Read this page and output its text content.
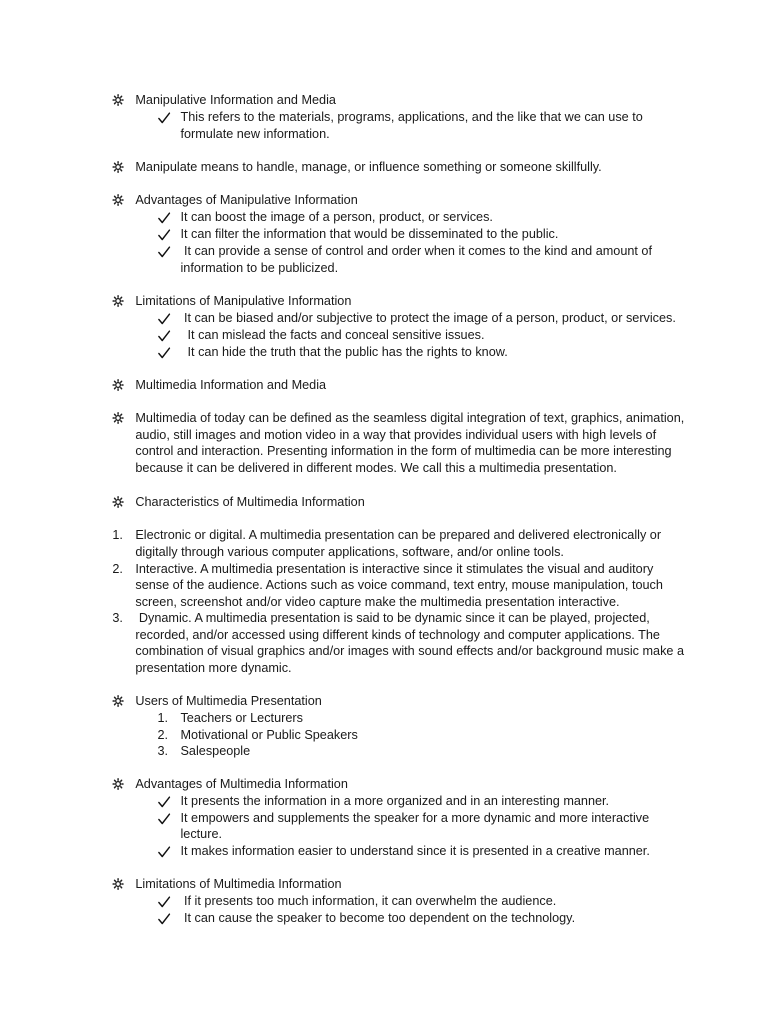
Manipulative Information and Media
This refers to the materials, programs, applications, and the like that we can use to
formulate new information.
Manipulate means to handle, manage, or influence something or someone skillfully.
Advantages of Manipulative Information
It can boost the image of a person, product, or services.
It can filter the information that would be disseminated to the public.
It can provide a sense of control and order when it comes to the kind and amount of
information to be publicized.
Limitations of Manipulative Information
It can be biased and/or subjective to protect the image of a person, product, or services.
It can mislead the facts and conceal sensitive issues.
It can hide the truth that the public has the rights to know.
Multimedia Information and Media
Multimedia of today can be defined as the seamless digital integration of text, graphics, animation,
audio, still images and motion video in a way that provides individual users with high levels of
control and interaction. Presenting information in the form of multimedia can be more interesting
because it can be delivered in different modes. We call this a multimedia presentation.
Characteristics of Multimedia Information
1. Electronic or digital. A multimedia presentation can be prepared and delivered electronically or
digitally through various computer applications, software, and/or online tools.
2. Interactive. A multimedia presentation is interactive since it stimulates the visual and auditory
sense of the audience. Actions such as voice command, text entry, mouse manipulation, touch
screen, screenshot and/or video capture make the multimedia presentation interactive.
3. Dynamic. A multimedia presentation is said to be dynamic since it can be played, projected,
recorded, and/or accessed using different kinds of technology and computer applications. The
combination of visual graphics and/or images with sound effects and/or background music make a
presentation more dynamic.
Users of Multimedia Presentation
1. Teachers or Lecturers
2. Motivational or Public Speakers
3. Salespeople
Advantages of Multimedia Information
It presents the information in a more organized and in an interesting manner.
It empowers and supplements the speaker for a more dynamic and more interactive
lecture.
It makes information easier to understand since it is presented in a creative manner.
Limitations of Multimedia Information
If it presents too much information, it can overwhelm the audience.
It can cause the speaker to become too dependent on the technology.
